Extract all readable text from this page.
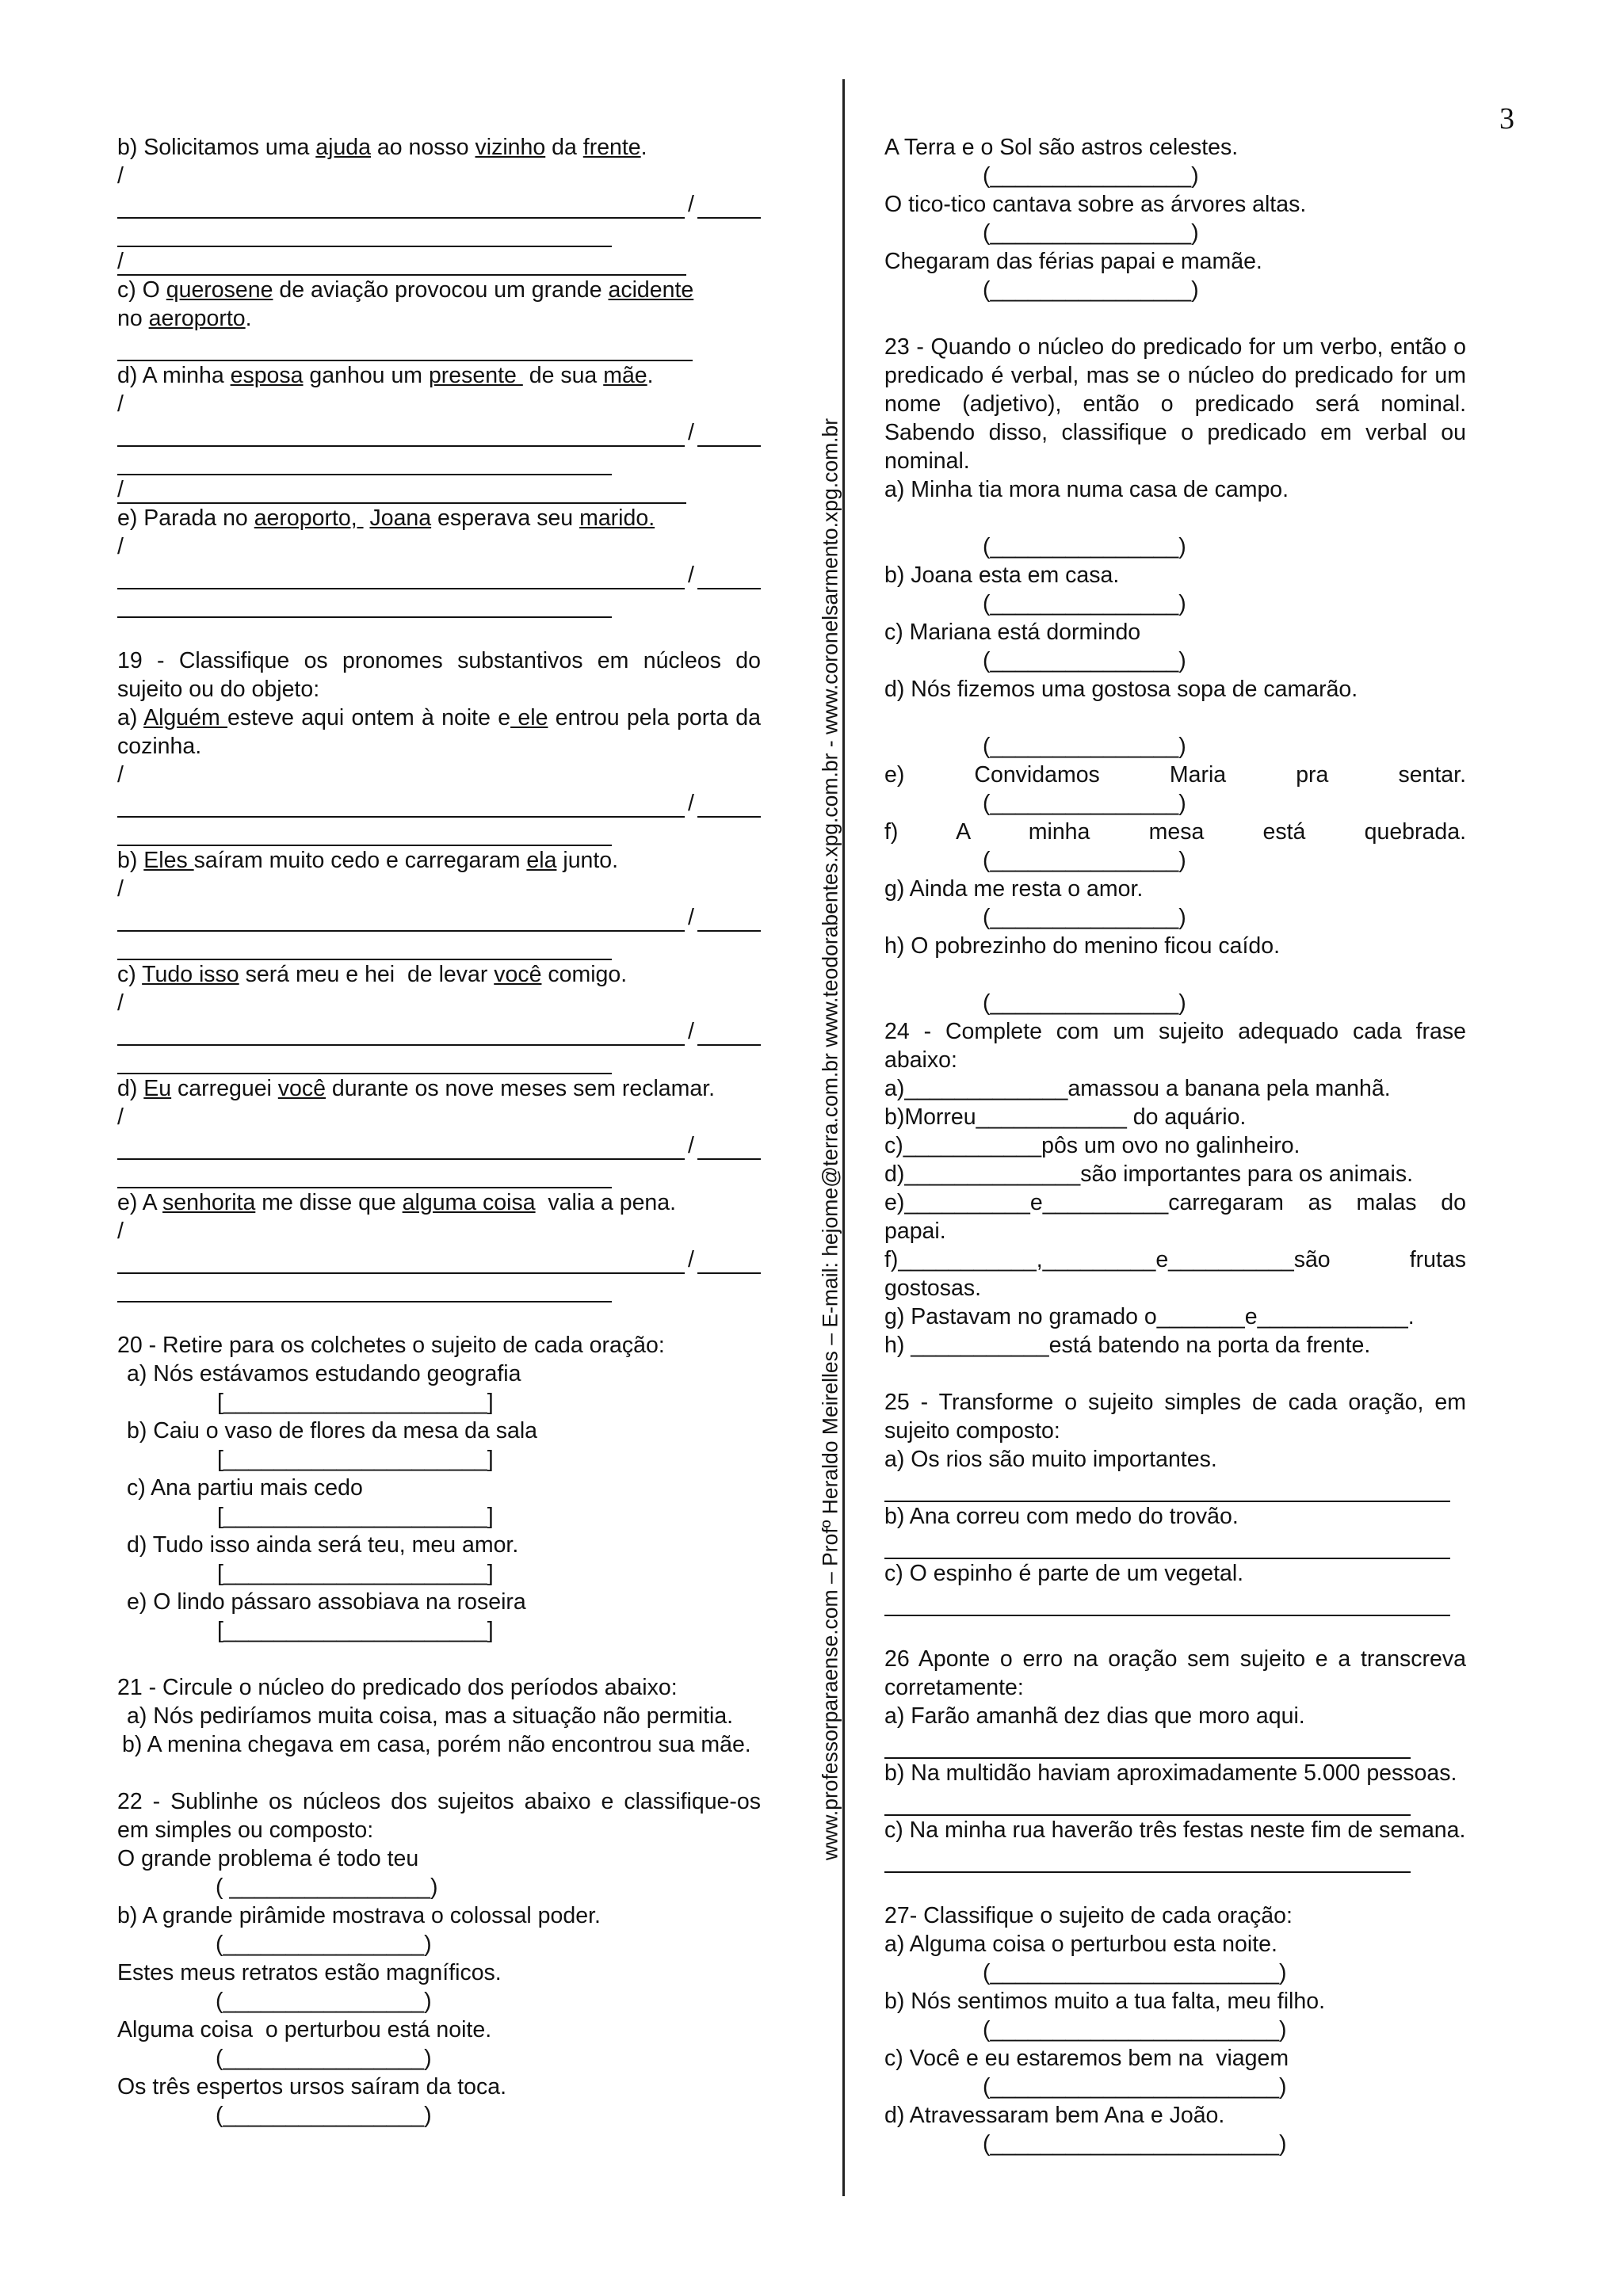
3
www.professorparaense.com – Profº Heraldo Meirelles – E-mail: hejome@terra.com.br www.teodorabentes.xpg.com.br - www.coronelsarmento.xpg.com.br
b) Solicitamos uma ajuda ao nosso vizinho da frente.
/
/
/
c) O querosene de aviação provocou um grande acidente
no aeroporto.
d) A minha esposa ganhou um presente  de sua mãe.
/
/
/
e) Parada no aeroporto,  Joana esperava seu marido.
/
/
19 - Classifique os pronomes substantivos em núcleos do sujeito ou do objeto:
a) Alguém esteve aqui ontem à noite e ele entrou pela porta da cozinha.
/
/
b) Eles saíram muito cedo e carregaram ela junto.
/
/
c) Tudo isso será meu e hei  de levar você comigo.
/
/
d) Eu carreguei você durante os nove meses sem reclamar.
/
/
e) A senhorita me disse que alguma coisa  valia a pena.
/
/
20 - Retire para os colchetes o sujeito de cada oração:
a) Nós estávamos estudando geografia
[_____________________]
b) Caiu o vaso de flores da mesa da sala
[_____________________]
c) Ana partiu mais cedo
[_____________________]
d) Tudo isso ainda será teu, meu amor.
[_____________________]
e) O lindo pássaro assobiava na roseira
[_____________________]
21 - Circule o núcleo do predicado dos períodos abaixo:
a) Nós pediríamos muita coisa, mas a situação não permitia.
b) A menina chegava em casa, porém não encontrou sua mãe.
22 - Sublinhe os núcleos dos sujeitos abaixo e classifique-os em simples ou composto:
O grande problema é todo teu
( ________________)
b) A grande pirâmide mostrava o colossal poder.
(________________)
Estes meus retratos estão magníficos.
(________________)
Alguma coisa  o perturbou está noite.
(________________)
Os três espertos ursos saíram da toca.
(________________)
A Terra e o Sol são astros celestes.
(________________)
O tico-tico cantava sobre as árvores altas.
(________________)
Chegaram das férias papai e mamãe.
(________________)
23 - Quando o núcleo do predicado for um verbo, então o predicado é verbal, mas se o núcleo do predicado for um nome (adjetivo), então o predicado será nominal. Sabendo disso, classifique o predicado em verbal ou nominal.
a) Minha tia mora numa casa de campo.
(_______________)
b) Joana esta em casa.
(_______________)
c) Mariana está dormindo
(_______________)
d) Nós fizemos uma gostosa sopa de camarão.
(_______________)
e) Convidamos Maria pra sentar.
(_______________)
f) A minha mesa está quebrada.
(_______________)
g) Ainda me resta o amor.
(_______________)
h) O pobrezinho do menino ficou caído.
(_______________)
24 - Complete com um sujeito adequado cada frase abaixo:
a)_____________amassou a banana pela manhã.
b)Morreu____________ do aquário.
c)___________pôs um ovo no galinheiro.
d)______________são importantes para os animais.
e)__________e__________carregaram as malas do papai.
f)___________,_________e__________são frutas gostosas.
g) Pastavam no gramado o_______e____________.
h) ___________está batendo na porta da frente.
25 - Transforme o sujeito simples de cada oração, em sujeito composto:
a) Os rios são muito importantes.
b) Ana correu com medo do trovão.
c) O espinho é parte de um vegetal.
26 Aponte o erro na oração sem sujeito e a transcreva corretamente:
a) Farão amanhã dez dias que moro aqui.
b) Na multidão haviam aproximadamente 5.000 pessoas.
c) Na minha rua haverão três festas neste fim de semana.
27- Classifique o sujeito de cada oração:
a) Alguma coisa o perturbou esta noite.
(_______________________)
b) Nós sentimos muito a tua falta, meu filho.
(_______________________)
c) Você e eu estaremos bem na  viagem
(_______________________)
d) Atravessaram bem Ana e João.
(_______________________)
